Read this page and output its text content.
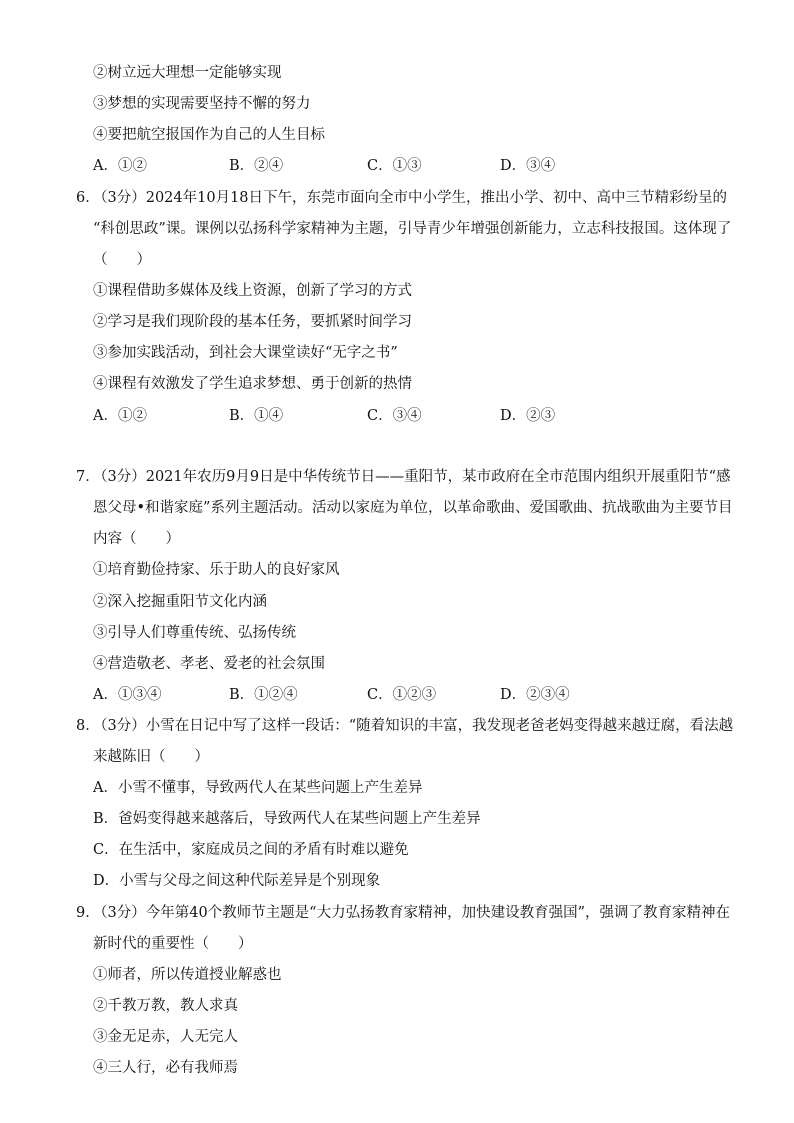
②树立远大理想一定能够实现
③梦想的实现需要坚持不懈的努力
④要把航空报国作为自己的人生目标
A．①②	B．②④	C．①③	D．③④
6．
（3分）2024年10月18日下午，东莞市面向全市中小学生，推出小学、初中、高中三节精彩纷呈的
“科创思政”课。课例以弘扬科学家精神为主题，引导青少年增强创新能力，立志科技报国。这体现了
（　　）
①课程借助多媒体及线上资源，创新了学习的方式
②学习是我们现阶段的基本任务，要抓紧时间学习
③参加实践活动，到社会大课堂读好“无字之书”
④课程有效激发了学生追求梦想、勇于创新的热情
A．①②	B．①④	C．③④	D．②③
7．
（3分）2021年农历9月9日是中华传统节日——重阳节，某市政府在全市范围内组织开展重阳节“感
恩父母•和谐家庭”系列主题活动。活动以家庭为单位，以革命歌曲、爱国歌曲、抗战歌曲为主要节目
内容（　　）
①培育勤俭持家、乐于助人的良好家风
②深入挖掘重阳节文化内涵
③引导人们尊重传统、弘扬传统
④营造敬老、孝老、爱老的社会氛围
A．①③④	B．①②④	C．①②③	D．②③④
8．
（3分）小雪在日记中写了这样一段话：“随着知识的丰富，我发现老爸老妈变得越来越迂腐，看法越
来越陈旧（　　）
A．小雪不懂事，导致两代人在某些问题上产生差异
B．爸妈变得越来越落后，导致两代人在某些问题上产生差异
C．在生活中，家庭成员之间的矛盾有时难以避免
D．小雪与父母之间这种代际差异是个别现象
9．
（3分）今年第40个教师节主题是“大力弘扬教育家精神，加快建设教育强国”，强调了教育家精神在
新时代的重要性（　　）
①师者，所以传道授业解惑也
②千教万教，教人求真
③金无足赤，人无完人
④三人行，必有我师焉
